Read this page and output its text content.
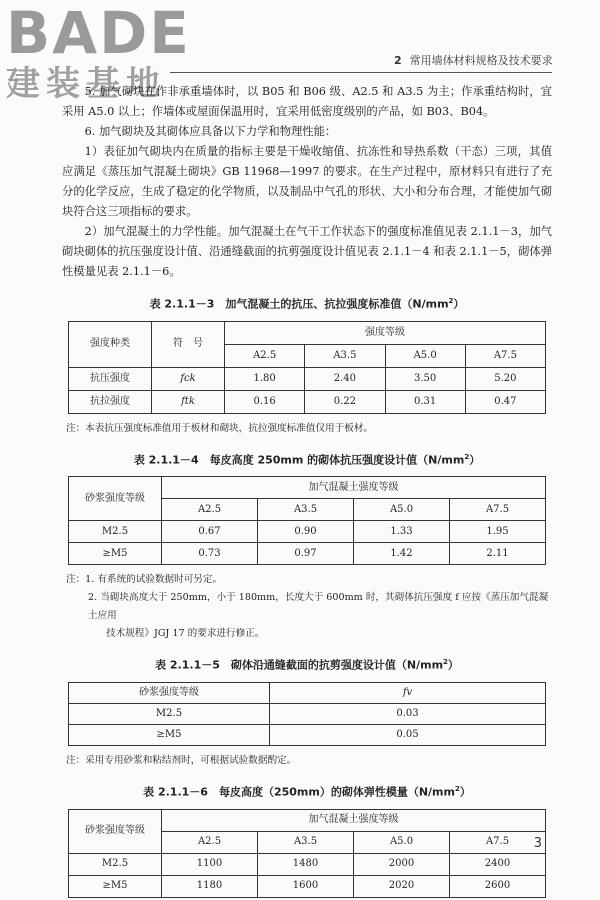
BADE
建装基地
2 常用墙体材料规格及技术要求

5. 加气砌块在作非承重墙体时，以 B05 和 B06 级、A2.5 和 A3.5 为主；作承重结构时，宜采用 A5.0 以上；作墙体或屋面保温用时，宜采用低密度级别的产品，如 B03、B04。

6. 加气砌块及其砌体应具备以下力学和物理性能：

1）表征加气砌块内在质量的指标主要是干燥收缩值、抗冻性和导热系数（干态）三项，其值应满足《蒸压加气混凝土砌块》GB 11968—1997 的要求。在生产过程中，原材料只有进行了充分的化学反应，生成了稳定的化学物质，以及制品中气孔的形状、大小和分布合理，才能使加气砌块符合这三项指标的要求。

2）加气混凝土的力学性能。加气混凝土在气干工作状态下的强度标准值见表 2.1.1－3，加气砌块砌体的抗压强度设计值、沿通缝截面的抗剪强度设计值见表 2.1.1－4 和表 2.1.1－5，砌体弹性模量见表 2.1.1－6。

表 2.1.1－3　加气混凝土的抗压、抗拉强度标准值$(N/mm^2)$
强度种类	符　号	强度等级			
		A2.5	A3.5	A5.0	A7.5
抗压强度	fck	1.80	2.40	3.50	5.20
抗拉强度	ftk	0.16	0.22	0.31	0.47
注：本表抗压强度标准值用于板材和砌块，抗拉强度标准值仅用于板材。
表 2.1.1－4　每皮高度 250mm 的砌体抗压强度设计值$(N/mm^2)$
砂浆强度等级	加气混凝土强度等级			
	A2.5	A3.5	A5.0	A7.5
M2.5	0.67	0.90	1.33	1.95
≥M5	0.73	0.97	1.42	2.11
注：1. 有系统的试验数据时可另定。
2. 当砌块高度大于 250mm，小于 180mm，长度大于 600mm 时，其砌体抗压强度 f 应按《蒸压加气混凝土应用
技术规程》JGJ 17 的要求进行修正。
表 2.1.1－5　砌体沿通缝截面的抗剪强度设计值$(N/mm^2)$
砂浆强度等级	fv
M2.5	0.03
≥M5	0.05
注：采用专用砂浆和粘结剂时，可根据试验数据酌定。
表 2.1.1－6　每皮高度（250mm）的砌体弹性模量$(N/mm^2)$
砂浆强度等级	加气混凝土强度等级			
	A2.5	A3.5	A5.0	A7.5
M2.5	1100	1480	2000	2400
≥M5	1180	1600	2020	2600
3
